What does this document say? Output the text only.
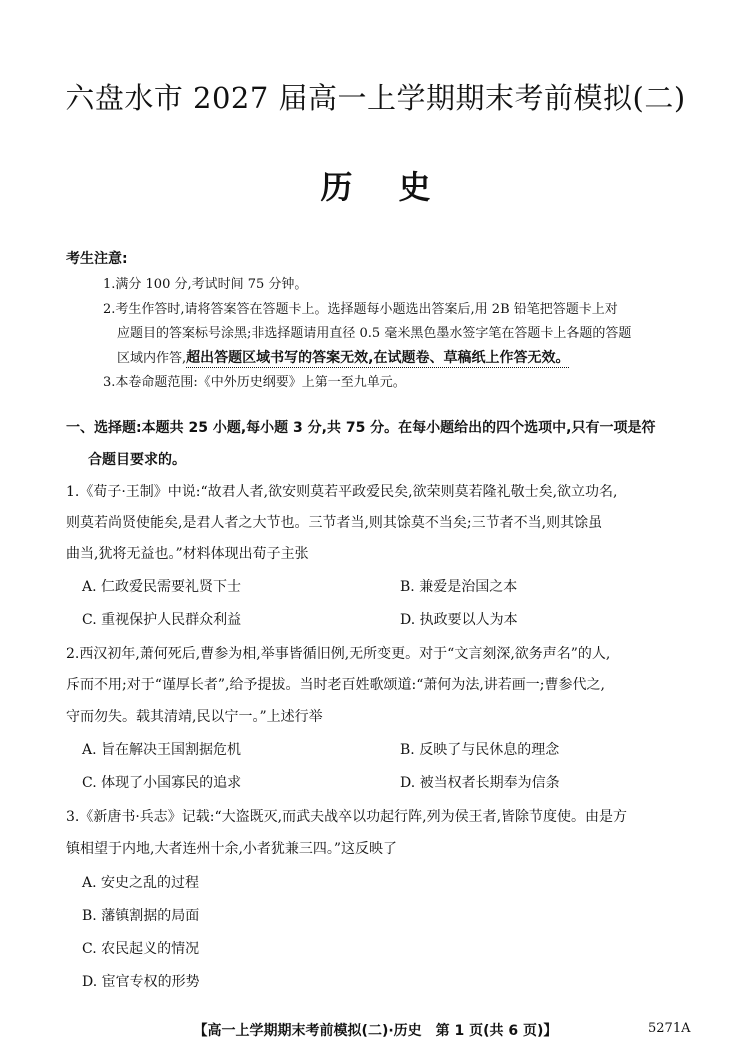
六盘水市 2027 届高一上学期期末考前模拟(二)
历史
考生注意:
1.满分 100 分,考试时间 75 分钟。
2.考生作答时,请将答案答在答题卡上。选择题每小题选出答案后,用 2B 铅笔把答题卡上对
应题目的答案标号涂黑;非选择题请用直径 0.5 毫米黑色墨水签字笔在答题卡上各题的答题
区域内作答,超出答题区域书写的答案无效,在试题卷、草稿纸上作答无效。
3.本卷命题范围:《中外历史纲要》上第一至九单元。
一、选择题:本题共 25 小题,每小题 3 分,共 75 分。在每小题给出的四个选项中,只有一项是符
合题目要求的。
1.《荀子·王制》中说:“故君人者,欲安则莫若平政爱民矣,欲荣则莫若隆礼敬士矣,欲立功名,
则莫若尚贤使能矣,是君人者之大节也。三节者当,则其馀莫不当矣;三节者不当,则其馀虽
曲当,犹将无益也。”材料体现出荀子主张
A. 仁政爱民需要礼贤下士	B. 兼爱是治国之本
C. 重视保护人民群众利益	D. 执政要以人为本
2.西汉初年,萧何死后,曹参为相,举事皆循旧例,无所变更。对于“文言刻深,欲务声名”的人,
斥而不用;对于“谨厚长者”,给予提拔。当时老百姓歌颂道:“萧何为法,讲若画一;曹参代之,
守而勿失。载其清靖,民以宁一。”上述行举
A. 旨在解决王国割据危机	B. 反映了与民休息的理念
C. 体现了小国寡民的追求	D. 被当权者长期奉为信条
3.《新唐书·兵志》记载:“大盗既灭,而武夫战卒以功起行阵,列为侯王者,皆除节度使。由是方
镇相望于内地,大者连州十余,小者犹兼三四。”这反映了
A. 安史之乱的过程
B. 藩镇割据的局面
C. 农民起义的情况
D. 宦官专权的形势
【高一上学期期末考前模拟(二)·历史　第 1 页(共 6 页)】	5271A
